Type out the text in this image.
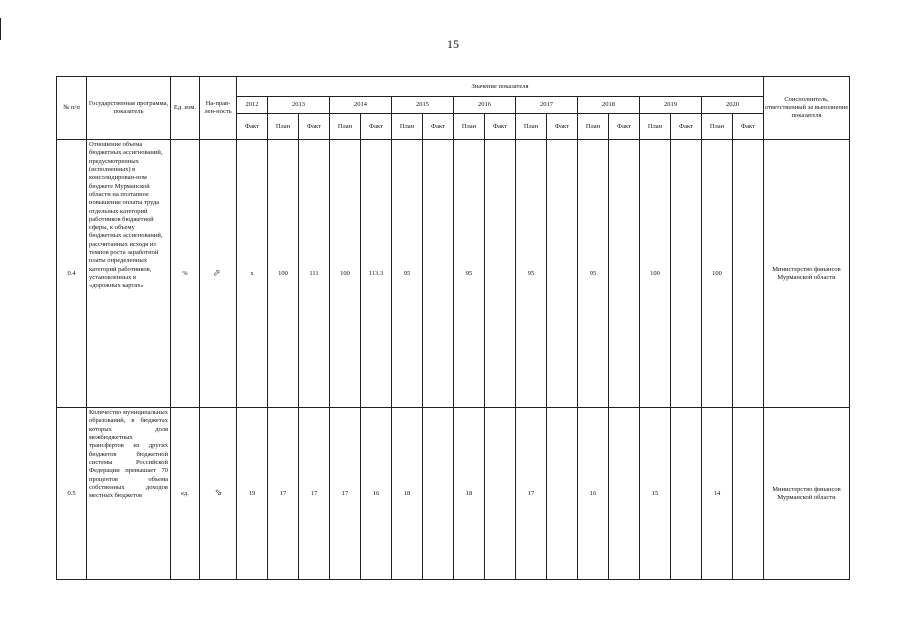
15
№ п/п	Государственная программа, показатель	Ед. изм.	На-прав-лен-ность	Значение показателя																	Соисполнитель, ответственный за выполнение показателя
				2012	2013		2014		2015		2016		2017		2018		2019		2020		
				Факт	План	Факт	План	Факт	План	Факт	План	Факт	План	Факт	План	Факт	План	Факт	План	Факт	
0.4	Отношение объема бюджетных ассигнований, предусмотренных (исполненных) в консолидирован-ном бюджете Мурманской области на поэтапное повышение оплаты труда отдельных категорий работников бюджетной сферы, к объему бюджетных ассигнований, рассчитанных исходя из темпов роста заработной платы определенных категорий работников, установленных в «дорожных картах»	%	⇨	x	100	111	100	113.3	95		95		95		95		100		100		Министерство финансов Мурманской области
0.5	Количество муниципальных образований, в бюджетах которых доля межбюджетных трансфертов из других бюджетов бюджетной системы Российской Федерации превышает 70 процентов объема собственных доходов местных бюджетов	ед.	⇨	19	17	17	17	16	18		18		17		16		15		14		Министерство финансов Мурманской области
